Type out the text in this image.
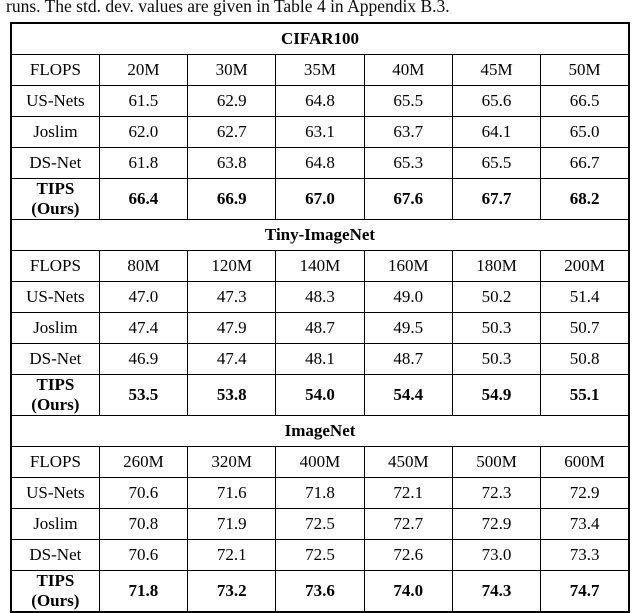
runs. The std. dev. values are given in Table 4 in Appendix B.3.
CIFAR100						
FLOPS	20M	30M	35M	40M	45M	50M
US-Nets	61.5	62.9	64.8	65.5	65.6	66.5
Joslim	62.0	62.7	63.1	63.7	64.1	65.0
DS-Net	61.8	63.8	64.8	65.3	65.5	66.7
TIPS (Ours)	66.4	66.9	67.0	67.6	67.7	68.2
Tiny-ImageNet						
FLOPS	80M	120M	140M	160M	180M	200M
US-Nets	47.0	47.3	48.3	49.0	50.2	51.4
Joslim	47.4	47.9	48.7	49.5	50.3	50.7
DS-Net	46.9	47.4	48.1	48.7	50.3	50.8
TIPS (Ours)	53.5	53.8	54.0	54.4	54.9	55.1
ImageNet						
FLOPS	260M	320M	400M	450M	500M	600M
US-Nets	70.6	71.6	71.8	72.1	72.3	72.9
Joslim	70.8	71.9	72.5	72.7	72.9	73.4
DS-Net	70.6	72.1	72.5	72.6	73.0	73.3
TIPS (Ours)	71.8	73.2	73.6	74.0	74.3	74.7
